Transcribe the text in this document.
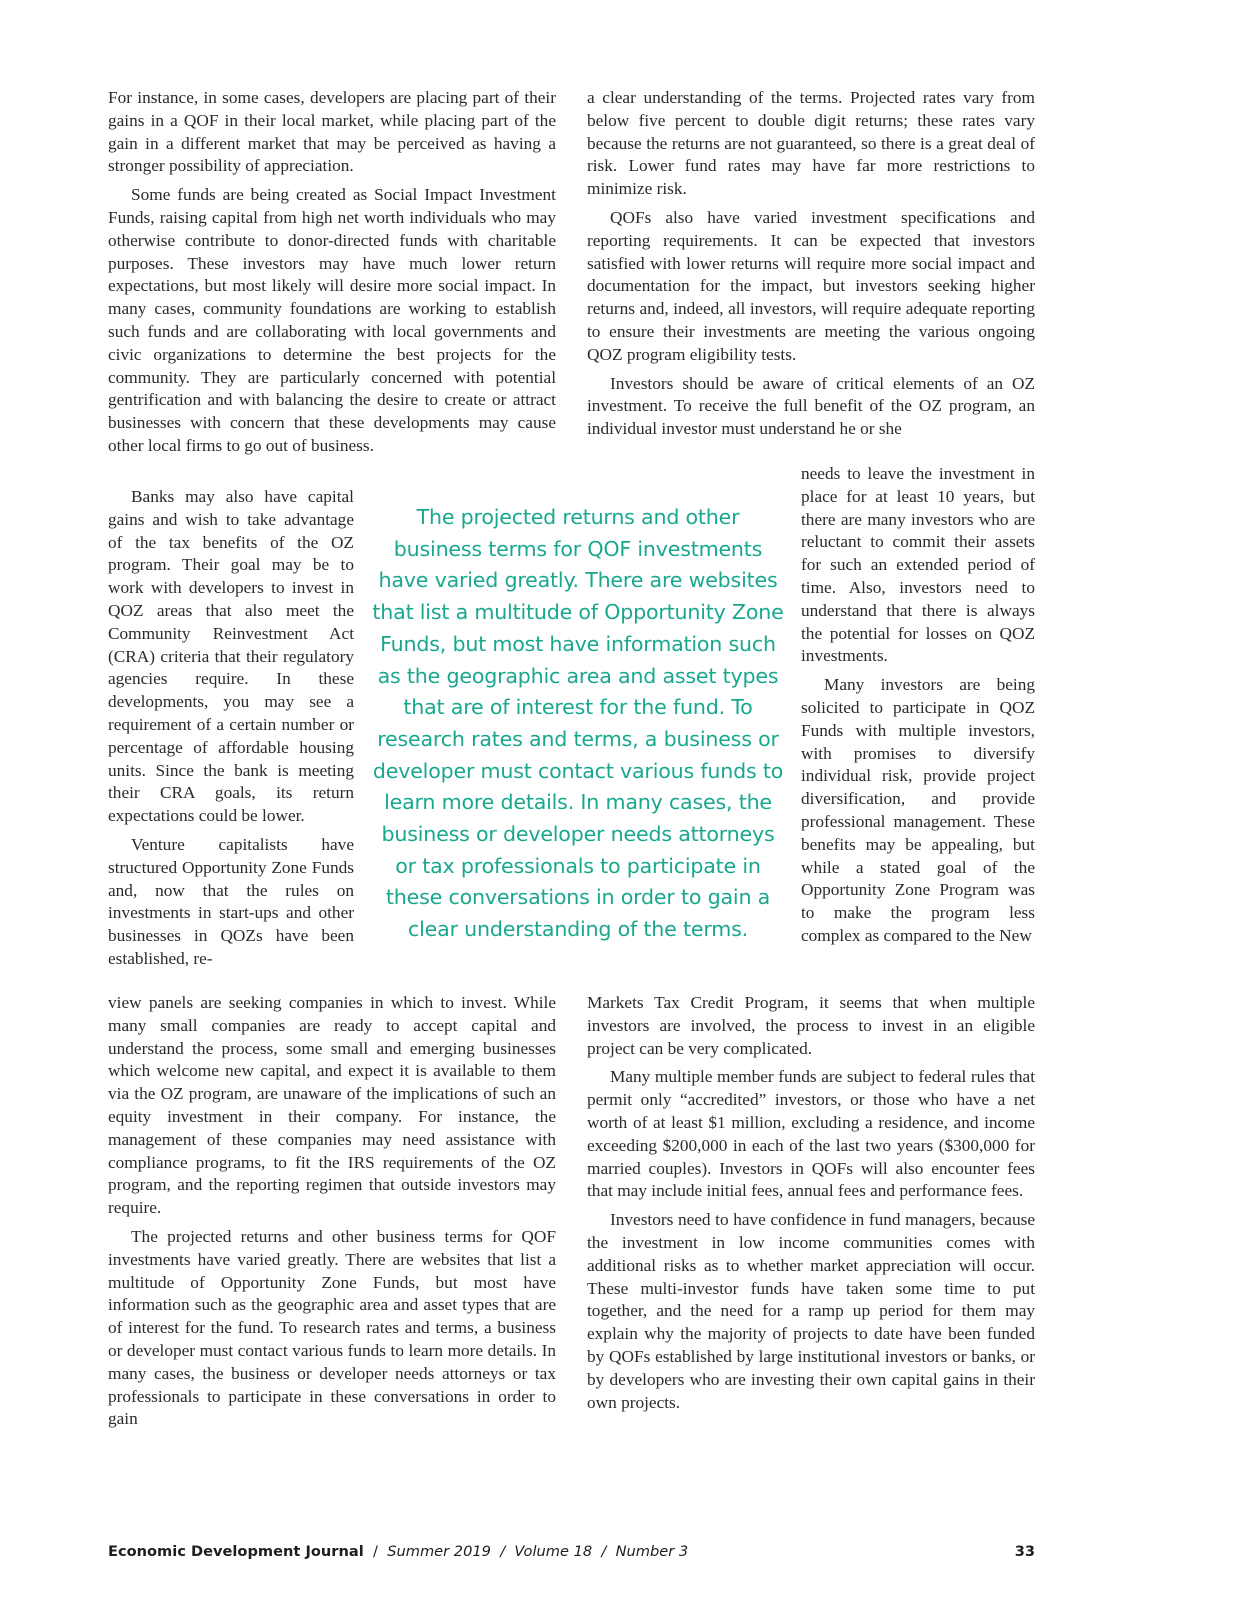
For instance, in some cases, developers are placing part of their gains in a QOF in their local market, while placing part of the gain in a different market that may be perceived as having a stronger possibility of appreciation.

Some funds are being created as Social Impact Investment Funds, raising capital from high net worth individuals who may otherwise contribute to donor-directed funds with charitable purposes. These investors may have much lower return expectations, but most likely will desire more social impact. In many cases, community foundations are working to establish such funds and are collaborating with local governments and civic organizations to determine the best projects for the community. They are particularly concerned with potential gentrification and with balancing the desire to create or attract businesses with concern that these developments may cause other local firms to go out of business.

Banks may also have capital gains and wish to take advantage of the tax benefits of the OZ program. Their goal may be to work with developers to invest in QOZ areas that also meet the Community Reinvestment Act (CRA) criteria that their regulatory agencies require. In these developments, you may see a requirement of a certain number or percentage of affordable housing units. Since the bank is meeting their CRA goals, its return expectations could be lower.

Venture capitalists have structured Opportunity Zone Funds and, now that the rules on investments in start-ups and other businesses in QOZs have been established, re-

view panels are seeking companies in which to invest. While many small companies are ready to accept capital and understand the process, some small and emerging businesses which welcome new capital, and expect it is available to them via the OZ program, are unaware of the implications of such an equity investment in their company. For instance, the management of these companies may need assistance with compliance programs, to fit the IRS requirements of the OZ program, and the reporting regimen that outside investors may require.

The projected returns and other business terms for QOF investments have varied greatly. There are websites that list a multitude of Opportunity Zone Funds, but most have information such as the geographic area and asset types that are of interest for the fund. To research rates and terms, a business or developer must contact various funds to learn more details. In many cases, the business or developer needs attorneys or tax professionals to participate in these conversations in order to gain

a clear understanding of the terms. Projected rates vary from below five percent to double digit returns; these rates vary because the returns are not guaranteed, so there is a great deal of risk. Lower fund rates may have far more restrictions to minimize risk.

QOFs also have varied investment specifications and reporting requirements. It can be expected that investors satisfied with lower returns will require more social impact and documentation for the impact, but investors seeking higher returns and, indeed, all investors, will require adequate reporting to ensure their investments are meeting the various ongoing QOZ program eligibility tests.

Investors should be aware of critical elements of an OZ investment. To receive the full benefit of the OZ program, an individual investor must understand he or she

needs to leave the investment in place for at least 10 years, but there are many investors who are reluctant to commit their assets for such an extended period of time. Also, investors need to understand that there is always the potential for losses on QOZ investments.

Many investors are being solicited to participate in QOZ Funds with multiple investors, with promises to diversify individual risk, provide project diversification, and provide professional management. These benefits may be appealing, but while a stated goal of the Opportunity Zone Program was to make the program less complex as compared to the New

Markets Tax Credit Program, it seems that when multiple investors are involved, the process to invest in an eligible project can be very complicated.

Many multiple member funds are subject to federal rules that permit only “accredited” investors, or those who have a net worth of at least $1 million, excluding a residence, and income exceeding $200,000 in each of the last two years ($300,000 for married couples). Investors in QOFs will also encounter fees that may include initial fees, annual fees and performance fees.

Investors need to have confidence in fund managers, because the investment in low income communities comes with additional risks as to whether market appreciation will occur. These multi-investor funds have taken some time to put together, and the need for a ramp up period for them may explain why the majority of projects to date have been funded by QOFs established by large institutional investors or banks, or by developers who are investing their own capital gains in their own projects.

The projected returns and other business terms for QOF investments have varied greatly. There are websites that list a multitude of Opportunity Zone Funds, but most have information such as the geographic area and asset types that are of interest for the fund. To research rates and terms, a business or developer must contact various funds to learn more details. In many cases, the business or developer needs attorneys or tax professionals to participate in these conversations in order to gain a clear understanding of the terms.
Economic Development Journal  /  Summer 2019  /  Volume 18  /  Number 3	33
